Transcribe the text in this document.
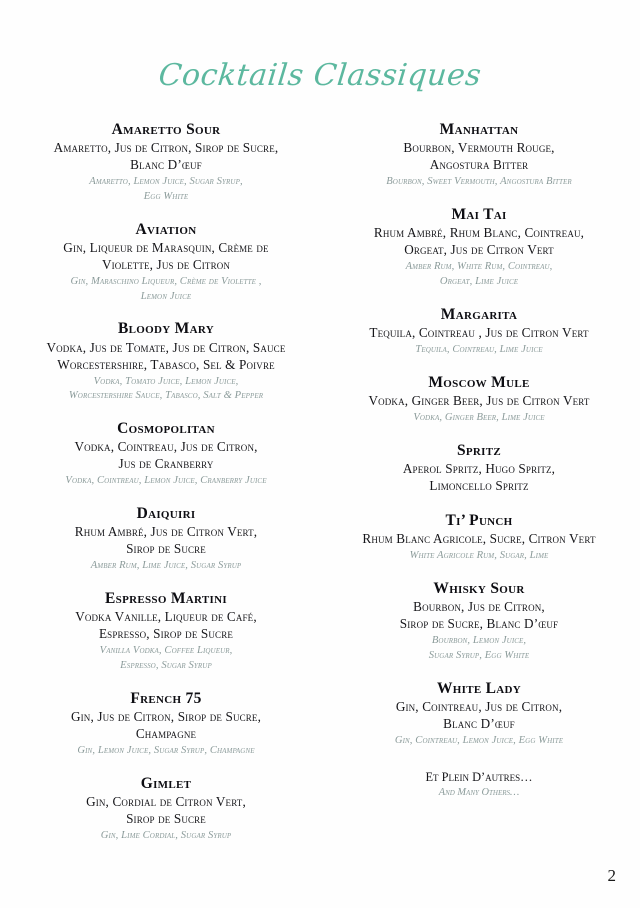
Cocktails Classiques
Amaretto Sour
Amaretto, Jus de Citron, Sirop de Sucre,
Blanc D’œuf
Amaretto, Lemon Juice, Sugar Syrup,
Egg White
Aviation
Gin, Liqueur de Marasquin, Crème de
Violette, Jus de Citron
Gin, Maraschino Liqueur, Crème de Violette ,
Lemon Juice
Bloody Mary
Vodka, Jus de Tomate, Jus de Citron, Sauce
Worcestershire, Tabasco, Sel & Poivre
Vodka, Tomato Juice, Lemon Juice,
Worcestershire Sauce, Tabasco, Salt & Pepper
Cosmopolitan
Vodka, Cointreau, Jus de Citron,
Jus de Cranberry
Vodka, Cointreau, Lemon Juice, Cranberry Juice
Daiquiri
Rhum Ambré, Jus de Citron Vert,
Sirop de Sucre
Amber Rum, Lime Juice, Sugar Syrup
Espresso Martini
Vodka Vanille, Liqueur de Café,
Espresso, Sirop de Sucre
Vanilla Vodka, Coffee Liqueur,
Espresso, Sugar Syrup
French 75
Gin, Jus de Citron, Sirop de Sucre,
Champagne
Gin, Lemon Juice, Sugar Syrup, Champagne
Gimlet
Gin, Cordial de Citron Vert,
Sirop de Sucre
Gin, Lime Cordial, Sugar Syrup
Manhattan
Bourbon, Vermouth Rouge,
Angostura Bitter
Bourbon, Sweet Vermouth, Angostura Bitter
Mai Tai
Rhum Ambré, Rhum Blanc, Cointreau,
Orgeat, Jus de Citron Vert
Amber Rum, White Rum, Cointreau,
Orgeat, Lime Juice
Margarita
Tequila, Cointreau , Jus de Citron Vert
Tequila, Cointreau, Lime Juice
Moscow Mule
Vodka, Ginger Beer, Jus de Citron Vert
Vodka, Ginger Beer, Lime Juice
Spritz
Aperol Spritz, Hugo Spritz,
Limoncello Spritz
Ti’ Punch
Rhum Blanc Agricole, Sucre, Citron Vert
White Agricole Rum, Sugar, Lime
Whisky Sour
Bourbon, Jus de Citron,
Sirop de Sucre, Blanc D’œuf
Bourbon, Lemon Juice,
Sugar Syrup, Egg White
White Lady
Gin, Cointreau, Jus de Citron,
Blanc D’œuf
Gin, Cointreau, Lemon Juice, Egg White
Et Plein D’autres…
And Many Others…
2
